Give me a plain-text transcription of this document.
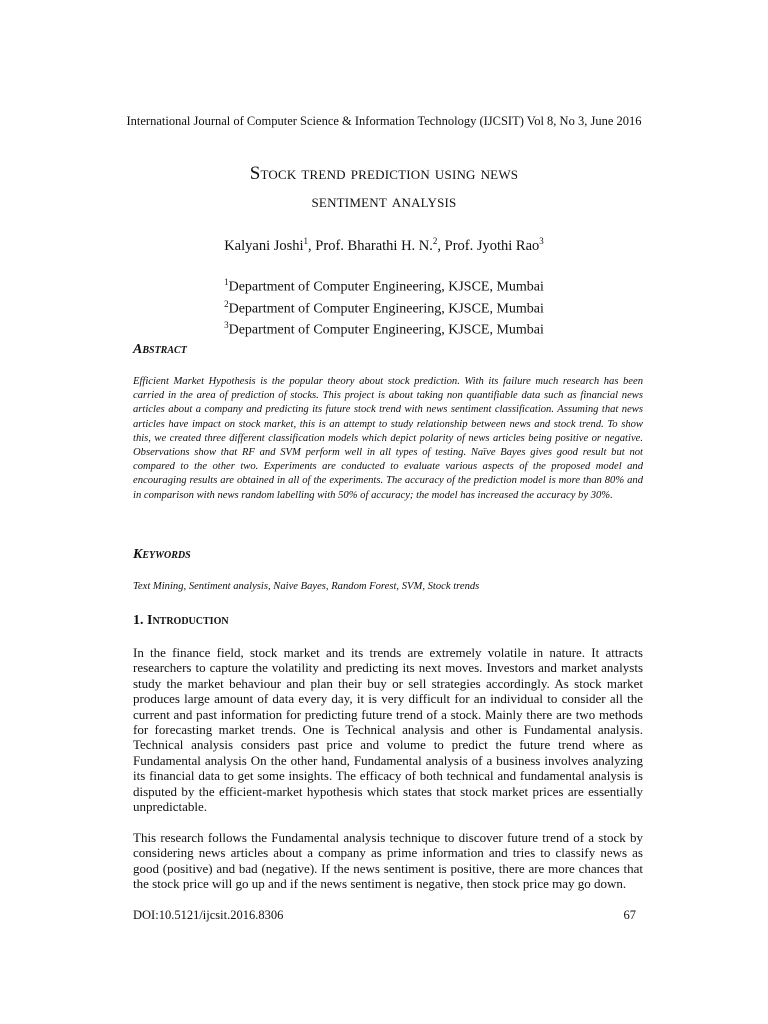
International Journal of Computer Science & Information Technology (IJCSIT) Vol 8, No 3, June 2016
Stock trend prediction using news
sentiment analysis
Kalyani Joshi$^1$, Prof. Bharathi H. N.$^2$, Prof. Jyothi Rao$^3$
$^1$Department of Computer Engineering, KJSCE, Mumbai
$^2$Department of Computer Engineering, KJSCE, Mumbai
$^3$Department of Computer Engineering, KJSCE, Mumbai
Abstract

Efficient Market Hypothesis is the popular theory about stock prediction. With its failure much research has been carried in the area of prediction of stocks. This project is about taking non quantifiable data such as financial news articles about a company and predicting its future stock trend with news sentiment classification. Assuming that news articles have impact on stock market, this is an attempt to study relationship between news and stock trend. To show this, we created three different classification models which depict polarity of news articles being positive or negative. Observations show that RF and SVM perform well in all types of testing. Naïve Bayes gives good result but not compared to the other two. Experiments are conducted to evaluate various aspects of the proposed model and encouraging results are obtained in all of the experiments. The accuracy of the prediction model is more than 80% and in comparison with news random labelling with 50% of accuracy; the model has increased the accuracy by 30%.

Keywords

Text Mining, Sentiment analysis, Naive Bayes, Random Forest, SVM, Stock trends

1. Introduction

In the finance field, stock market and its trends are extremely volatile in nature. It attracts researchers to capture the volatility and predicting its next moves. Investors and market analysts study the market behaviour and plan their buy or sell strategies accordingly. As stock market produces large amount of data every day, it is very difficult for an individual to consider all the current and past information for predicting future trend of a stock. Mainly there are two methods for forecasting market trends. One is Technical analysis and other is Fundamental analysis. Technical analysis considers past price and volume to predict the future trend where as Fundamental analysis On the other hand, Fundamental analysis of a business involves analyzing its financial data to get some insights. The efficacy of both technical and fundamental analysis is disputed by the efficient-market hypothesis which states that stock market prices are essentially unpredictable.

This research follows the Fundamental analysis technique to discover future trend of a stock by considering news articles about a company as prime information and tries to classify news as good (positive) and bad (negative). If the news sentiment is positive, there are more chances that the stock price will go up and if the news sentiment is negative, then stock price may go down.

DOI:10.5121/ijcsit.2016.8306	67
